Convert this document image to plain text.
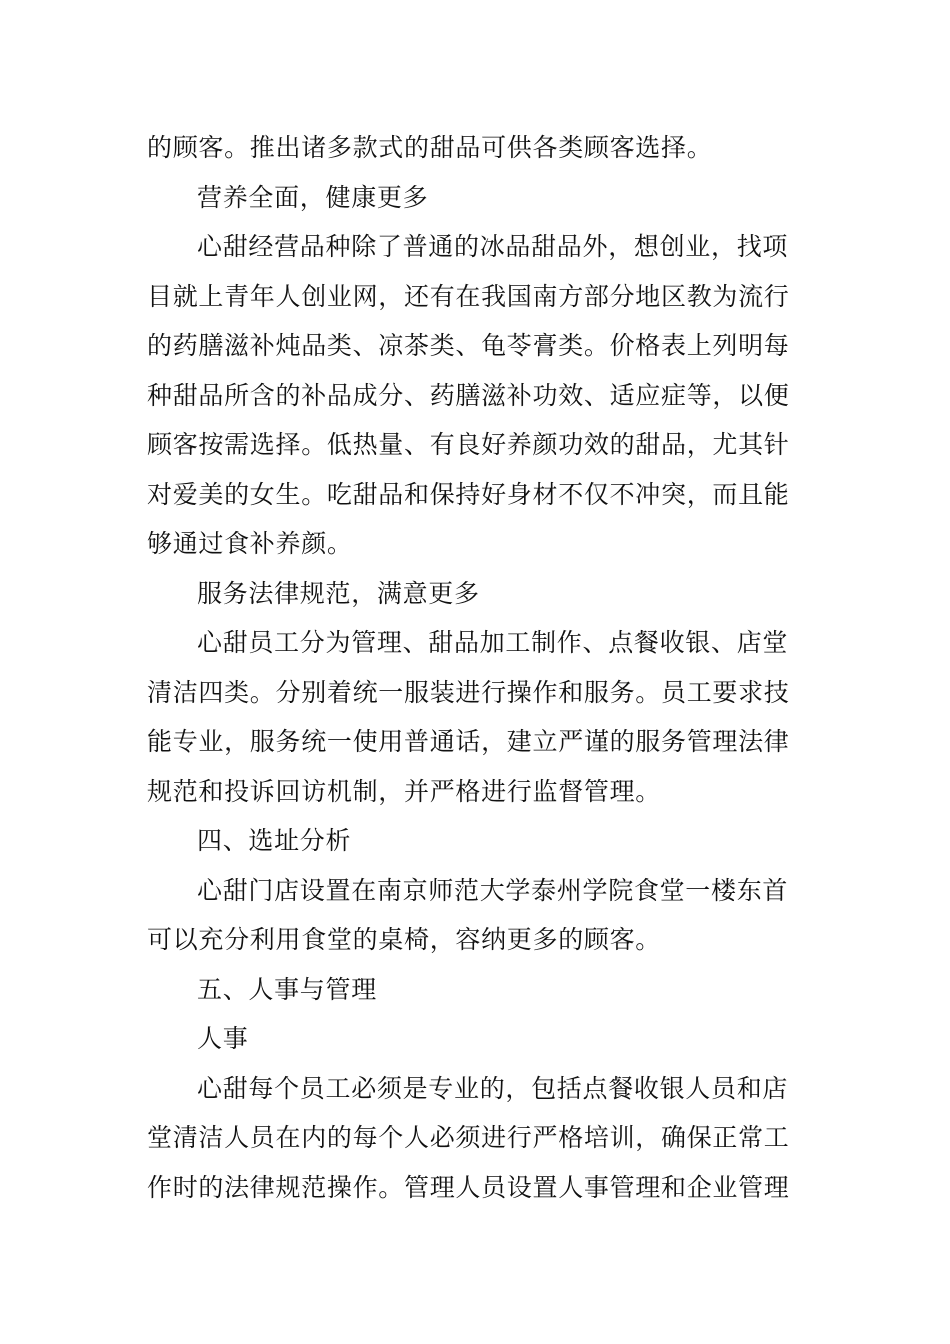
的顾客。推出诸多款式的甜品可供各类顾客选择。
营养全面，健康更多
心甜经营品种除了普通的冰品甜品外，想创业，找项
目就上青年人创业网，还有在我国南方部分地区教为流行
的药膳滋补炖品类、凉茶类、龟苓膏类。价格表上列明每
种甜品所含的补品成分、药膳滋补功效、适应症等，以便
顾客按需选择。低热量、有良好养颜功效的甜品，尤其针
对爱美的女生。吃甜品和保持好身材不仅不冲突，而且能
够通过食补养颜。
服务法律规范，满意更多
心甜员工分为管理、甜品加工制作、点餐收银、店堂
清洁四类。分别着统一服装进行操作和服务。员工要求技
能专业，服务统一使用普通话，建立严谨的服务管理法律
规范和投诉回访机制，并严格进行监督管理。
四、选址分析
心甜门店设置在南京师范大学泰州学院食堂一楼东首
可以充分利用食堂的桌椅，容纳更多的顾客。
五、人事与管理
人事
心甜每个员工必须是专业的，包括点餐收银人员和店
堂清洁人员在内的每个人必须进行严格培训，确保正常工
作时的法律规范操作。管理人员设置人事管理和企业管理
